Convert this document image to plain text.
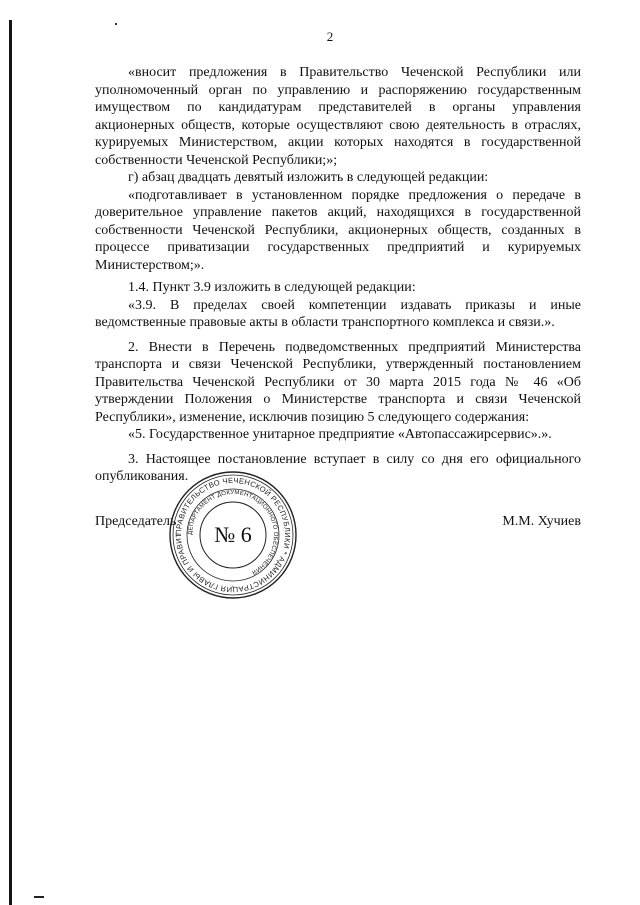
2

«вносит предложения в Правительство Чеченской Республики или уполномоченный орган по управлению и распоряжению государственным имуществом по кандидатурам представителей в органы управления акционерных обществ, которые осуществляют свою деятельность в отраслях, курируемых Министерством, акции которых находятся в государственной собственности Чеченской Республики;»;

г) абзац двадцать девятый изложить в следующей редакции:

«подготавливает в установленном порядке предложения о передаче в доверительное управление пакетов акций, находящихся в государственной собственности Чеченской Республики, акционерных обществ, созданных в процессе приватизации государственных предприятий и курируемых Министерством;».

1.4. Пункт 3.9 изложить в следующей редакции:

«3.9. В пределах своей компетенции издавать приказы и иные ведомственные правовые акты в области транспортного комплекса и связи.».

2. Внести в Перечень подведомственных предприятий Министерства транспорта и связи Чеченской Республики, утвержденный постановлением Правительства Чеченской Республики от 30 марта 2015 года № 46 «Об утверждении Положения о Министерстве транспорта и связи Чеченской Республики», изменение, исключив позицию 5 следующего содержания:

«5. Государственное унитарное предприятие «Автопассажирсервис».».

3. Настоящее постановление вступает в силу со дня его официального опубликования.

Председатель	М.М. Хучиев
ПРАВИТЕЛЬСТВО ЧЕЧЕНСКОЙ РЕСПУБЛИКИ * АДМИНИСТРАЦИЯ ГЛАВЫ И ПРАВИТ
ДЕПАРТАМЕНТ ДОКУМЕНТАЦИОННОГО ОБЕСПЕЧЕНИЯ
№ 6
